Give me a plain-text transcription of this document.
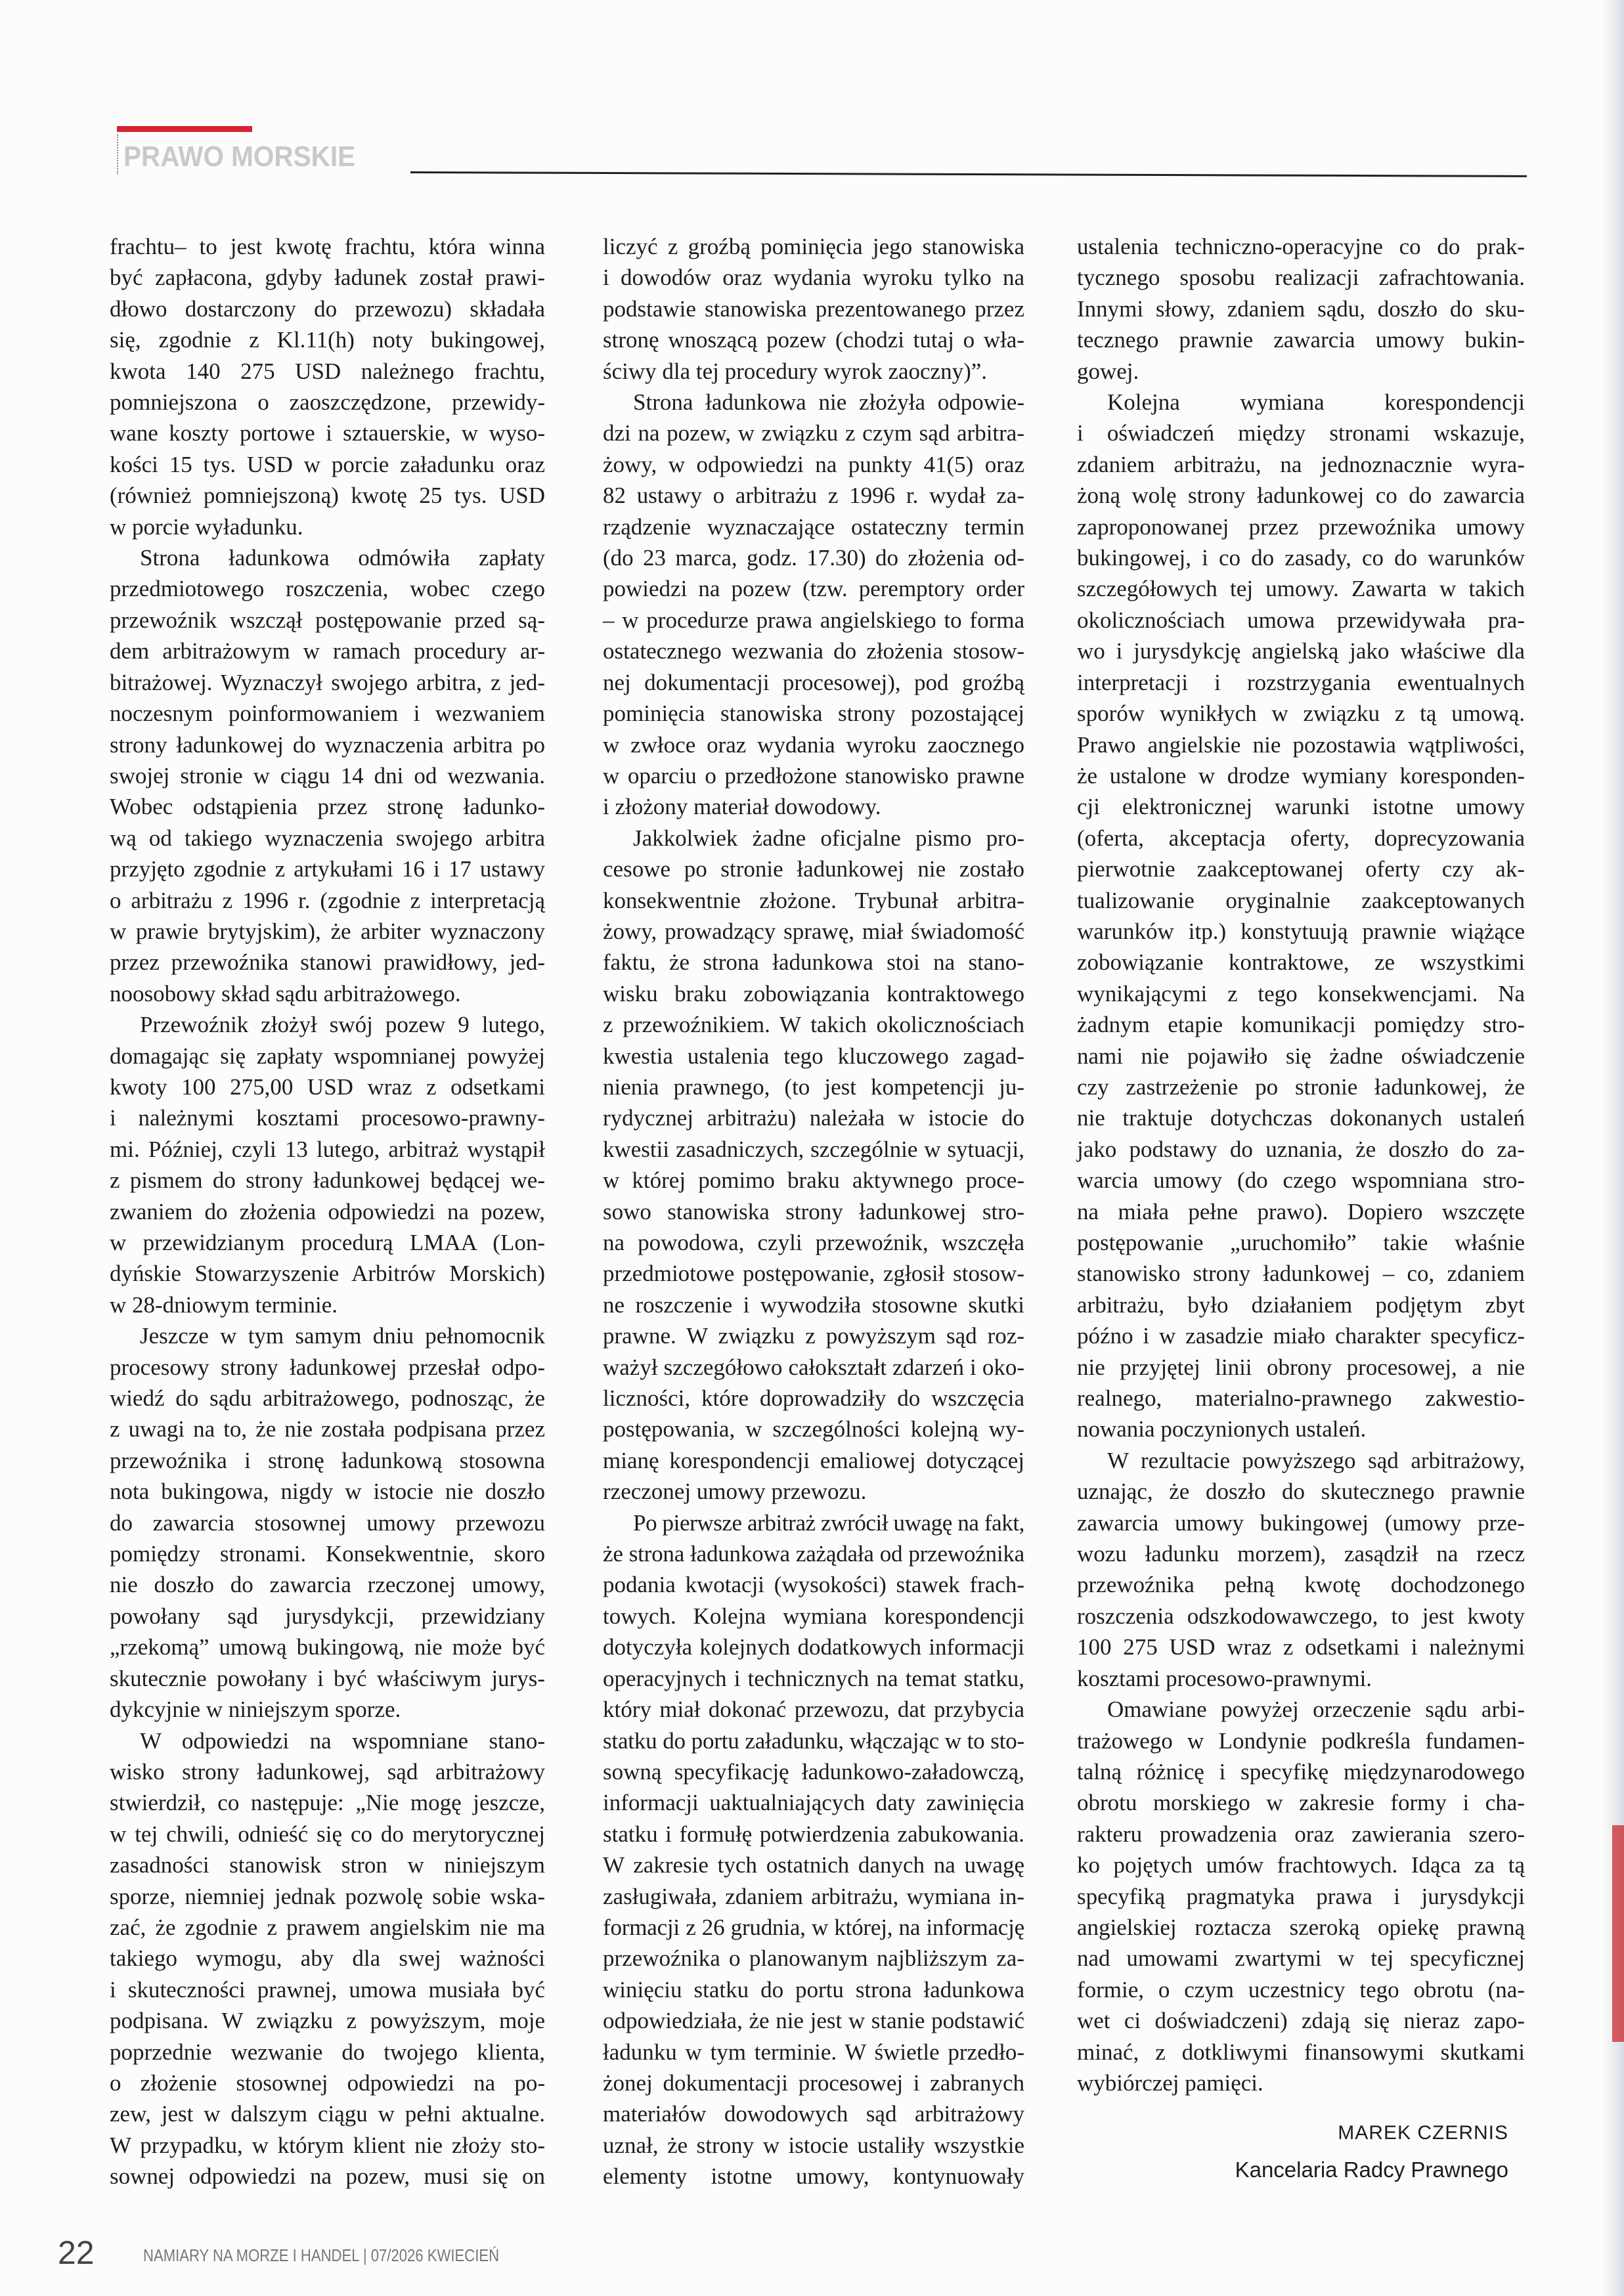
PRAWO MORSKIE
frachtu– to jest kwotę frachtu, która winna
być zapłacona, gdyby ładunek został prawi-
dłowo dostarczony do przewozu) składała
się, zgodnie z Kl.11(h) noty bukingowej,
kwota 140 275 USD należnego frachtu,
pomniejszona o zaoszczędzone, przewidy-
wane koszty portowe i sztauerskie, w wyso-
kości 15 tys. USD w porcie załadunku oraz
(również pomniejszoną) kwotę 25 tys. USD
w porcie wyładunku.
Strona ładunkowa odmówiła zapłaty
przedmiotowego roszczenia, wobec czego
przewoźnik wszczął postępowanie przed są-
dem arbitrażowym w ramach procedury ar-
bitrażowej. Wyznaczył swojego arbitra, z jed-
noczesnym poinformowaniem i wezwaniem
strony ładunkowej do wyznaczenia arbitra po
swojej stronie w ciągu 14 dni od wezwania.
Wobec odstąpienia przez stronę ładunko-
wą od takiego wyznaczenia swojego arbitra
przyjęto zgodnie z artykułami 16 i 17 ustawy
o arbitrażu z 1996 r. (zgodnie z interpretacją
w prawie brytyjskim), że arbiter wyznaczony
przez przewoźnika stanowi prawidłowy, jed-
noosobowy skład sądu arbitrażowego.
Przewoźnik złożył swój pozew 9 lutego,
domagając się zapłaty wspomnianej powyżej
kwoty 100 275,00 USD wraz z odsetkami
i należnymi kosztami procesowo-prawny-
mi. Później, czyli 13 lutego, arbitraż wystąpił
z pismem do strony ładunkowej będącej we-
zwaniem do złożenia odpowiedzi na pozew,
w przewidzianym procedurą LMAA (Lon-
dyńskie Stowarzyszenie Arbitrów Morskich)
w 28-dniowym terminie.
Jeszcze w tym samym dniu pełnomocnik
procesowy strony ładunkowej przesłał odpo-
wiedź do sądu arbitrażowego, podnosząc, że
z uwagi na to, że nie została podpisana przez
przewoźnika i stronę ładunkową stosowna
nota bukingowa, nigdy w istocie nie doszło
do zawarcia stosownej umowy przewozu
pomiędzy stronami. Konsekwentnie, skoro
nie doszło do zawarcia rzeczonej umowy,
powołany sąd jurysdykcji, przewidziany
„rzekomą” umową bukingową, nie może być
skutecznie powołany i być właściwym jurys-
dykcyjnie w niniejszym sporze.
W odpowiedzi na wspomniane stano-
wisko strony ładunkowej, sąd arbitrażowy
stwierdził, co następuje: „Nie mogę jeszcze,
w tej chwili, odnieść się co do merytorycznej
zasadności stanowisk stron w niniejszym
sporze, niemniej jednak pozwolę sobie wska-
zać, że zgodnie z prawem angielskim nie ma
takiego wymogu, aby dla swej ważności
i skuteczności prawnej, umowa musiała być
podpisana. W związku z powyższym, moje
poprzednie wezwanie do twojego klienta,
o złożenie stosownej odpowiedzi na po-
zew, jest w dalszym ciągu w pełni aktualne.
W przypadku, w którym klient nie złoży sto-
sownej odpowiedzi na pozew, musi się on
liczyć z groźbą pominięcia jego stanowiska
i dowodów oraz wydania wyroku tylko na
podstawie stanowiska prezentowanego przez
stronę wnoszącą pozew (chodzi tutaj o wła-
ściwy dla tej procedury wyrok zaoczny)”.
Strona ładunkowa nie złożyła odpowie-
dzi na pozew, w związku z czym sąd arbitra-
żowy, w odpowiedzi na punkty 41(5) oraz
82 ustawy o arbitrażu z 1996 r. wydał za-
rządzenie wyznaczające ostateczny termin
(do 23 marca, godz. 17.30) do złożenia od-
powiedzi na pozew (tzw. peremptory order
– w procedurze prawa angielskiego to forma
ostatecznego wezwania do złożenia stosow-
nej dokumentacji procesowej), pod groźbą
pominięcia stanowiska strony pozostającej
w zwłoce oraz wydania wyroku zaocznego
w oparciu o przedłożone stanowisko prawne
i złożony materiał dowodowy.
Jakkolwiek żadne oficjalne pismo pro-
cesowe po stronie ładunkowej nie zostało
konsekwentnie złożone. Trybunał arbitra-
żowy, prowadzący sprawę, miał świadomość
faktu, że strona ładunkowa stoi na stano-
wisku braku zobowiązania kontraktowego
z przewoźnikiem. W takich okolicznościach
kwestia ustalenia tego kluczowego zagad-
nienia prawnego, (to jest kompetencji ju-
rydycznej arbitrażu) należała w istocie do
kwestii zasadniczych, szczególnie w sytuacji,
w której pomimo braku aktywnego proce-
sowo stanowiska strony ładunkowej stro-
na powodowa, czyli przewoźnik, wszczęła
przedmiotowe postępowanie, zgłosił stosow-
ne roszczenie i wywodziła stosowne skutki
prawne. W związku z powyższym sąd roz-
ważył szczegółowo całokształt zdarzeń i oko-
liczności, które doprowadziły do wszczęcia
postępowania, w szczególności kolejną wy-
mianę korespondencji emaliowej dotyczącej
rzeczonej umowy przewozu.
Po pierwsze arbitraż zwrócił uwagę na fakt,
że strona ładunkowa zażądała od przewoźnika
podania kwotacji (wysokości) stawek frach-
towych. Kolejna wymiana korespondencji
dotyczyła kolejnych dodatkowych informacji
operacyjnych i technicznych na temat statku,
który miał dokonać przewozu, dat przybycia
statku do portu załadunku, włączając w to sto-
sowną specyfikację ładunkowo-załadowczą,
informacji uaktualniających daty zawinięcia
statku i formułę potwierdzenia zabukowania.
W zakresie tych ostatnich danych na uwagę
zasługiwała, zdaniem arbitrażu, wymiana in-
formacji z 26 grudnia, w której, na informację
przewoźnika o planowanym najbliższym za-
winięciu statku do portu strona ładunkowa
odpowiedziała, że nie jest w stanie podstawić
ładunku w tym terminie. W świetle przedło-
żonej dokumentacji procesowej i zabranych
materiałów dowodowych sąd arbitrażowy
uznał, że strony w istocie ustaliły wszystkie
elementy istotne umowy, kontynuowały
ustalenia techniczno-operacyjne co do prak-
tycznego sposobu realizacji zafrachtowania.
Innymi słowy, zdaniem sądu, doszło do sku-
tecznego prawnie zawarcia umowy bukin-
gowej.
Kolejna wymiana korespondencji
i oświadczeń między stronami wskazuje,
zdaniem arbitrażu, na jednoznacznie wyra-
żoną wolę strony ładunkowej co do zawarcia
zaproponowanej przez przewoźnika umowy
bukingowej, i co do zasady, co do warunków
szczegółowych tej umowy. Zawarta w takich
okolicznościach umowa przewidywała pra-
wo i jurysdykcję angielską jako właściwe dla
interpretacji i rozstrzygania ewentualnych
sporów wynikłych w związku z tą umową.
Prawo angielskie nie pozostawia wątpliwości,
że ustalone w drodze wymiany koresponden-
cji elektronicznej warunki istotne umowy
(oferta, akceptacja oferty, doprecyzowania
pierwotnie zaakceptowanej oferty czy ak-
tualizowanie oryginalnie zaakceptowanych
warunków itp.) konstytuują prawnie wiążące
zobowiązanie kontraktowe, ze wszystkimi
wynikającymi z tego konsekwencjami. Na
żadnym etapie komunikacji pomiędzy stro-
nami nie pojawiło się żadne oświadczenie
czy zastrzeżenie po stronie ładunkowej, że
nie traktuje dotychczas dokonanych ustaleń
jako podstawy do uznania, że doszło do za-
warcia umowy (do czego wspomniana stro-
na miała pełne prawo). Dopiero wszczęte
postępowanie „uruchomiło” takie właśnie
stanowisko strony ładunkowej – co, zdaniem
arbitrażu, było działaniem podjętym zbyt
późno i w zasadzie miało charakter specyficz-
nie przyjętej linii obrony procesowej, a nie
realnego, materialno-prawnego zakwestio-
nowania poczynionych ustaleń.
W rezultacie powyższego sąd arbitrażowy,
uznając, że doszło do skutecznego prawnie
zawarcia umowy bukingowej (umowy prze-
wozu ładunku morzem), zasądził na rzecz
przewoźnika pełną kwotę dochodzonego
roszczenia odszkodowawczego, to jest kwoty
100 275 USD wraz z odsetkami i należnymi
kosztami procesowo-prawnymi.
Omawiane powyżej orzeczenie sądu arbi-
trażowego w Londynie podkreśla fundamen-
talną różnicę i specyfikę międzynarodowego
obrotu morskiego w zakresie formy i cha-
rakteru prowadzenia oraz zawierania szero-
ko pojętych umów frachtowych. Idąca za tą
specyfiką pragmatyka prawa i jurysdykcji
angielskiej roztacza szeroką opiekę prawną
nad umowami zwartymi w tej specyficznej
formie, o czym uczestnicy tego obrotu (na-
wet ci doświadczeni) zdają się nieraz zapo-
minać, z dotkliwymi finansowymi skutkami
wybiórczej pamięci.
MAREK CZERNIS
Kancelaria Radcy Prawnego
22	NAMIARY NA MORZE I HANDEL | 07/2026 KWIECIEŃ
